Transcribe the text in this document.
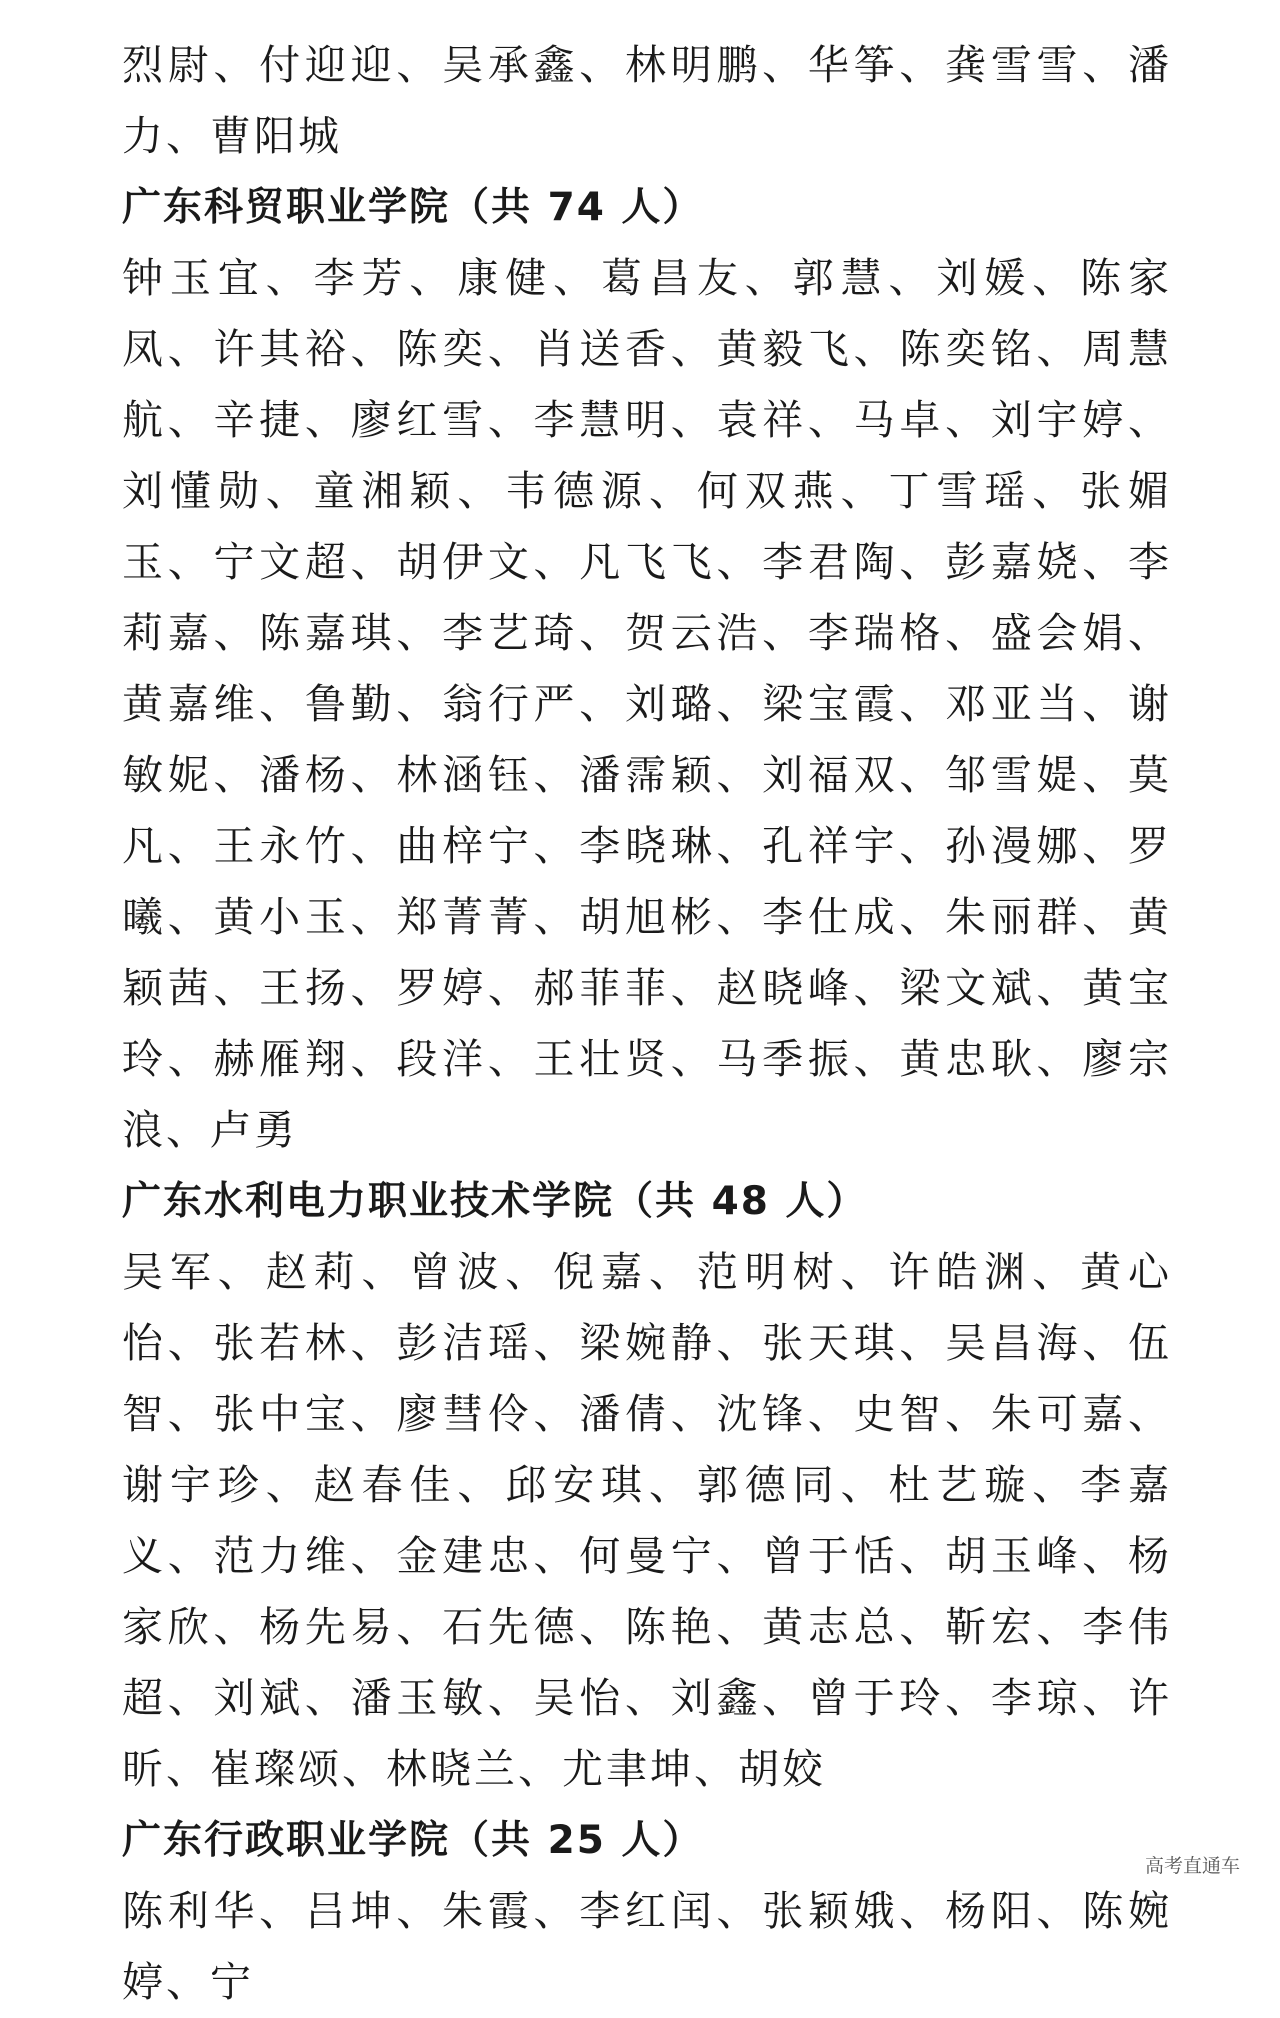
烈尉、付迎迎、吴承鑫、林明鹏、华筝、龚雪雪、潘力、曹阳城

广东科贸职业学院（共 74 人）

钟玉宜、李芳、康健、葛昌友、郭慧、刘媛、陈家凤、许其裕、陈奕、肖送香、黄毅飞、陈奕铭、周慧航、辛捷、廖红雪、李慧明、袁祥、马卓、刘宇婷、刘懂勋、童湘颖、韦德源、何双燕、丁雪瑶、张媚玉、宁文超、胡伊文、凡飞飞、李君陶、彭嘉娆、李莉嘉、陈嘉琪、李艺琦、贺云浩、李瑞格、盛会娟、黄嘉维、鲁勤、翁行严、刘璐、梁宝霞、邓亚当、谢敏妮、潘杨、林涵钰、潘霈颖、刘福双、邹雪媞、莫凡、王永竹、曲梓宁、李晓琳、孔祥宇、孙漫娜、罗曦、黄小玉、郑菁菁、胡旭彬、李仕成、朱丽群、黄颖茜、王扬、罗婷、郝菲菲、赵晓峰、梁文斌、黄宝玲、赫雁翔、段洋、王壮贤、马季振、黄忠耿、廖宗浪、卢勇

广东水利电力职业技术学院（共 48 人）

吴军、赵莉、曾波、倪嘉、范明树、许皓渊、黄心怡、张若林、彭洁瑶、梁婉静、张天琪、吴昌海、伍智、张中宝、廖彗伶、潘倩、沈锋、史智、朱可嘉、谢宇珍、赵春佳、邱安琪、郭德同、杜艺璇、李嘉义、范力维、金建忠、何曼宁、曾于恬、胡玉峰、杨家欣、杨先易、石先德、陈艳、黄志总、靳宏、李伟超、刘斌、潘玉敏、吴怡、刘鑫、曾于玲、李琼、许昕、崔璨颂、林晓兰、尤聿坤、胡姣

广东行政职业学院（共 25 人）

陈利华、吕坤、朱霞、李红闰、张颖娥、杨阳、陈婉婷、宁

高考直通车
